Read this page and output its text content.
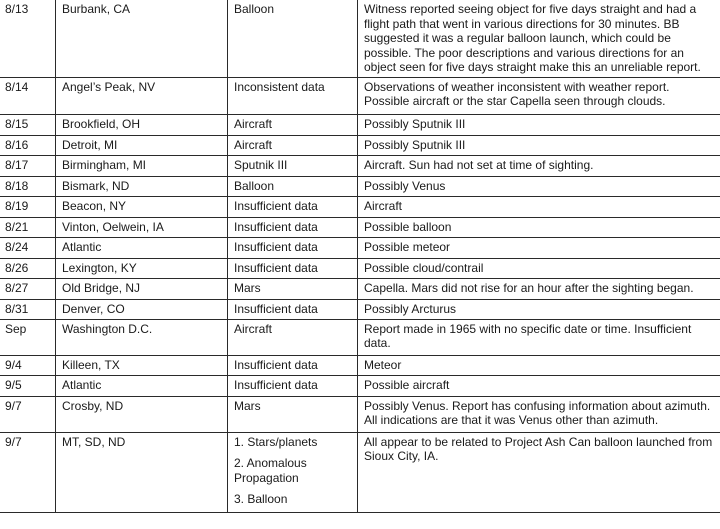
8/13	Burbank, CA	Balloon	Witness reported seeing object for five days straight and had a flight path that went in various directions for 30 minutes. BB suggested it was a regular balloon launch, which could be possible. The poor descriptions and various directions for an object seen for five days straight make this an unreliable report.
8/14	Angel’s Peak, NV	Inconsistent data	Observations of weather inconsistent with weather report. Possible aircraft or the star Capella seen through clouds.
8/15	Brookfield, OH	Aircraft	Possibly Sputnik III
8/16	Detroit, MI	Aircraft	Possibly Sputnik III
8/17	Birmingham, MI	Sputnik III	Aircraft. Sun had not set at time of sighting.
8/18	Bismark, ND	Balloon	Possibly Venus
8/19	Beacon, NY	Insufficient data	Aircraft
8/21	Vinton, Oelwein, IA	Insufficient data	Possible balloon
8/24	Atlantic	Insufficient data	Possible meteor
8/26	Lexington, KY	Insufficient data	Possible cloud/contrail
8/27	Old Bridge, NJ	Mars	Capella. Mars did not rise for an hour after the sighting began.
8/31	Denver, CO	Insufficient data	Possibly Arcturus
Sep	Washington D.C.	Aircraft	Report made in 1965 with no specific date or time. Insufficient data.
9/4	Killeen, TX	Insufficient data	Meteor
9/5	Atlantic	Insufficient data	Possible aircraft
9/7	Crosby, ND	Mars	Possibly Venus. Report has confusing information about azimuth. All indications are that it was Venus other than azimuth.
9/7	MT, SD, ND	1. Stars/planets
2. Anomalous Propagation
3. Balloon	All appear to be related to Project Ash Can balloon launched from Sioux City, IA.
